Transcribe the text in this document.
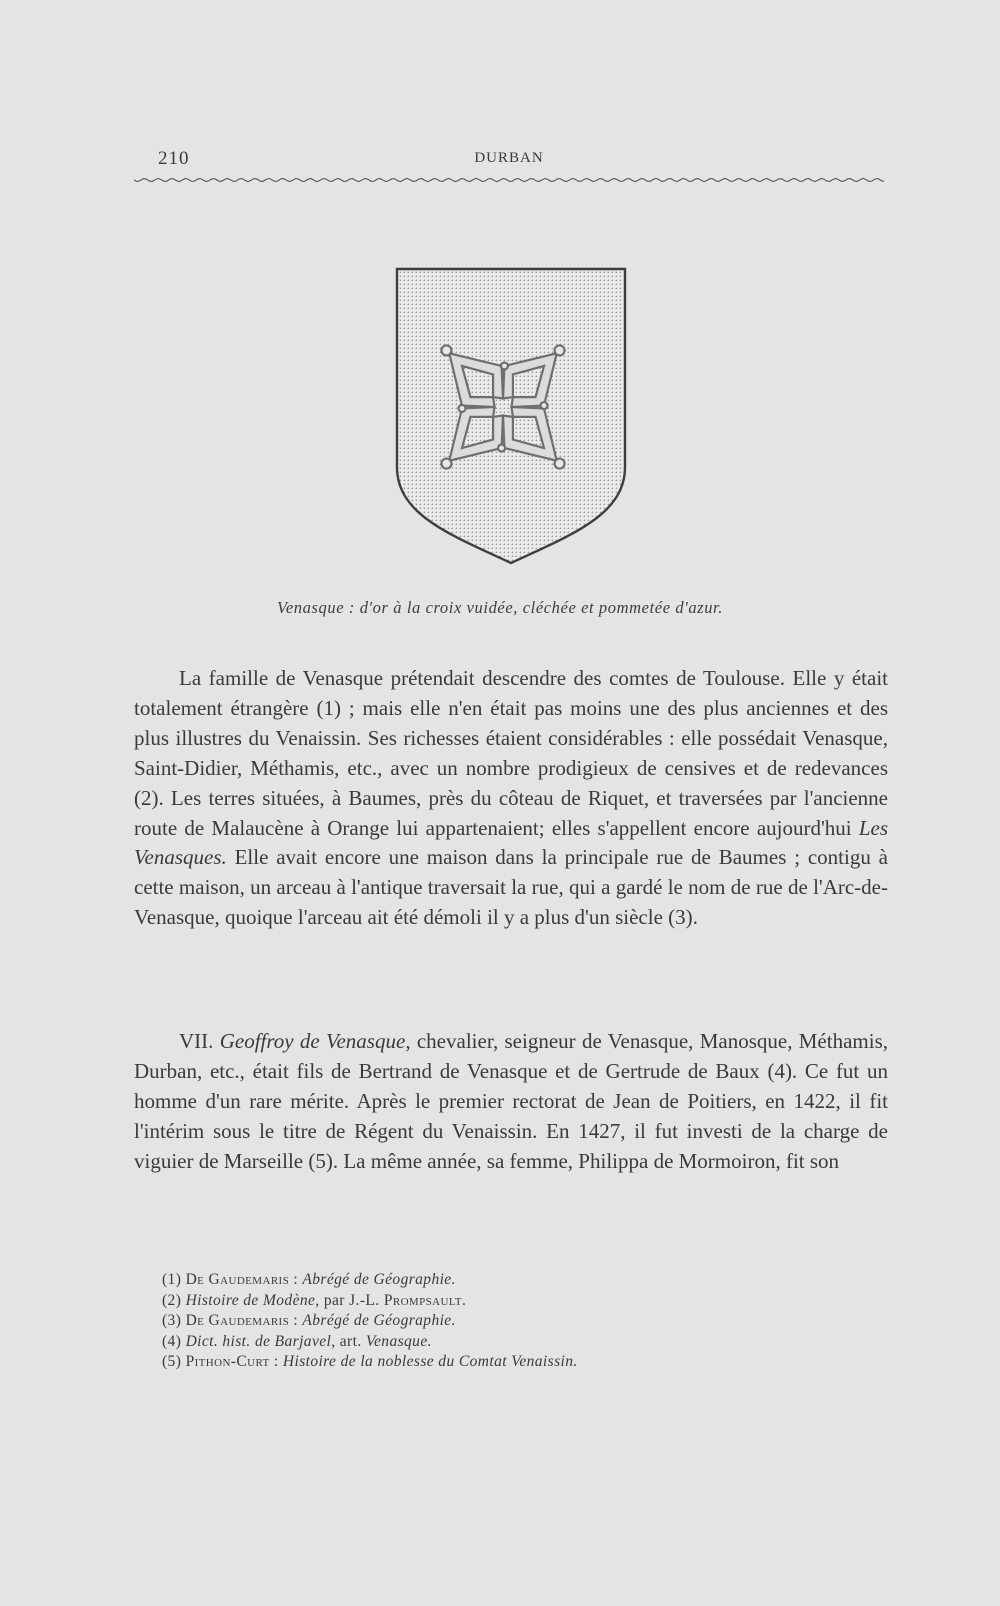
210	DURBAN
Venasque : d'or à la croix vuidée, cléchée et pommetée d'azur.

La famille de Venasque prétendait descendre des comtes de Toulouse. Elle y était totalement étrangère (1) ; mais elle n'en était pas moins une des plus anciennes et des plus illustres du Venaissin. Ses richesses étaient considérables : elle possédait Venasque, Saint-Didier, Méthamis, etc., avec un nombre prodigieux de censives et de redevances (2). Les terres situées, à Baumes, près du côteau de Riquet, et traversées par l'ancienne route de Malaucène à Orange lui appartenaient; elles s'appellent encore aujourd'hui Les Venasques. Elle avait encore une maison dans la principale rue de Baumes ; contigu à cette maison, un arceau à l'antique traversait la rue, qui a gardé le nom de rue de l'Arc-de-Venasque, quoique l'arceau ait été démoli il y a plus d'un siècle (3).

VII. Geoffroy de Venasque, chevalier, seigneur de Venasque, Manosque, Méthamis, Durban, etc., était fils de Bertrand de Venasque et de Gertrude de Baux (4). Ce fut un homme d'un rare mérite. Après le premier rectorat de Jean de Poitiers, en 1422, il fit l'intérim sous le titre de Régent du Venaissin. En 1427, il fut investi de la charge de viguier de Marseille (5). La même année, sa femme, Philippa de Mormoiron, fit son

(1) De Gaudemaris : Abrégé de Géographie.
(2) Histoire de Modène, par J.-L. Prompsault.
(3) De Gaudemaris : Abrégé de Géographie.
(4) Dict. hist. de Barjavel, art. Venasque.
(5) Pithon-Curt : Histoire de la noblesse du Comtat Venaissin.
